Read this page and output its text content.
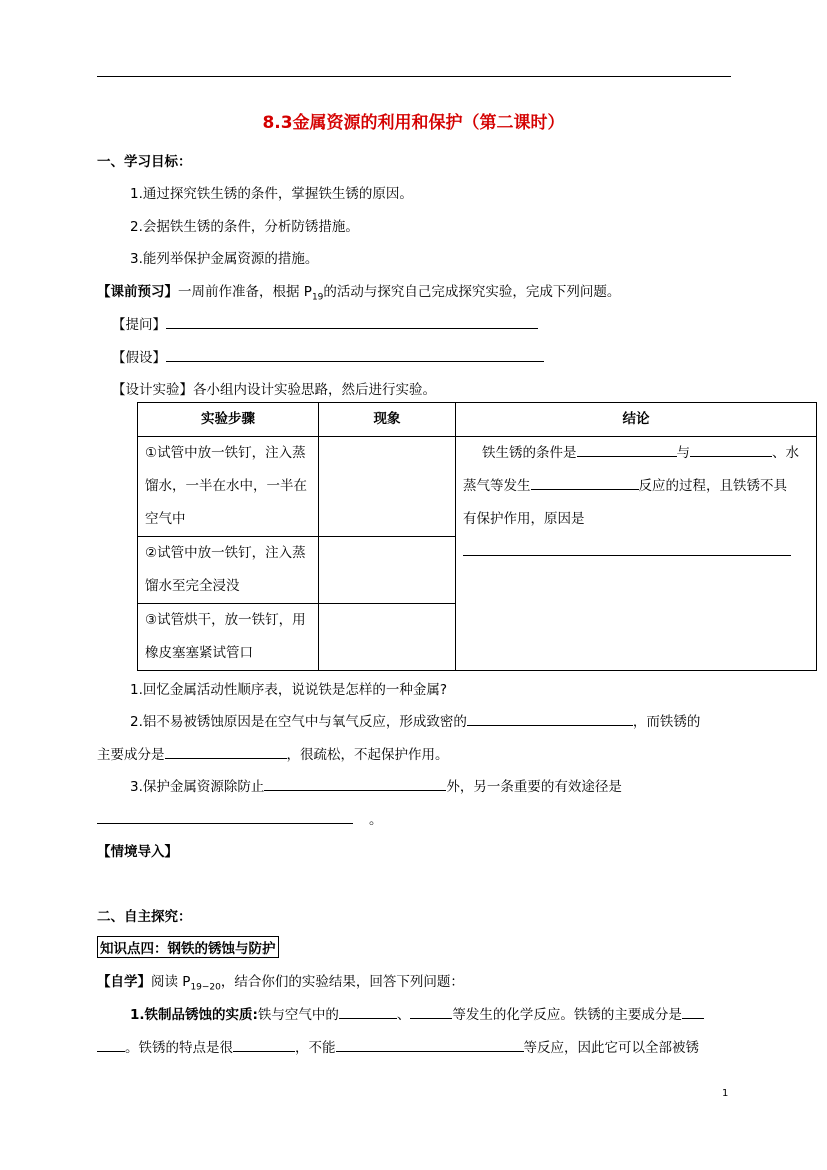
8.3金属资源的利用和保护（第二课时）
一、学习目标：
1.通过探究铁生锈的条件，掌握铁生锈的原因。
2.会据铁生锈的条件，分析防锈措施。
3.能列举保护金属资源的措施。
【课前预习】一周前作准备，根据 $P_{19}$的活动与探究自己完成探究实验，完成下列问题。
【提问】
【假设】
【设计实验】各小组内设计实验思路，然后进行实验。
实验步骤	现象	结论
①试管中放一铁钉，注入蒸馏水，一半在水中，一半在空气中		铁生锈的条件是 与 、水
蒸气等发生 反应的过程，且铁锈不具
有保护作用，原因是

②试管中放一铁钉，注入蒸馏水至完全浸没		
③试管烘干，放一铁钉，用橡皮塞塞紧试管口		
1.回忆金属活动性顺序表，说说铁是怎样的一种金属?
2.铝不易被锈蚀原因是在空气中与氧气反应，形成致密的	，而铁锈的
主要成分是	，很疏松，不起保护作用。
3.保护金属资源除防止	外，另一条重要的有效途径是
。
【情境导入】
二、自主探究：
知识点四：钢铁的锈蚀与防护
【自学】阅读 $P_{19-20}$，结合你们的实验结果，回答下列问题：
1.铁制品锈蚀的实质:铁与空气中的	、	等发生的化学反应。铁锈的主要成分是
。铁锈的特点是很	，不能	等反应，因此它可以全部被锈
1
